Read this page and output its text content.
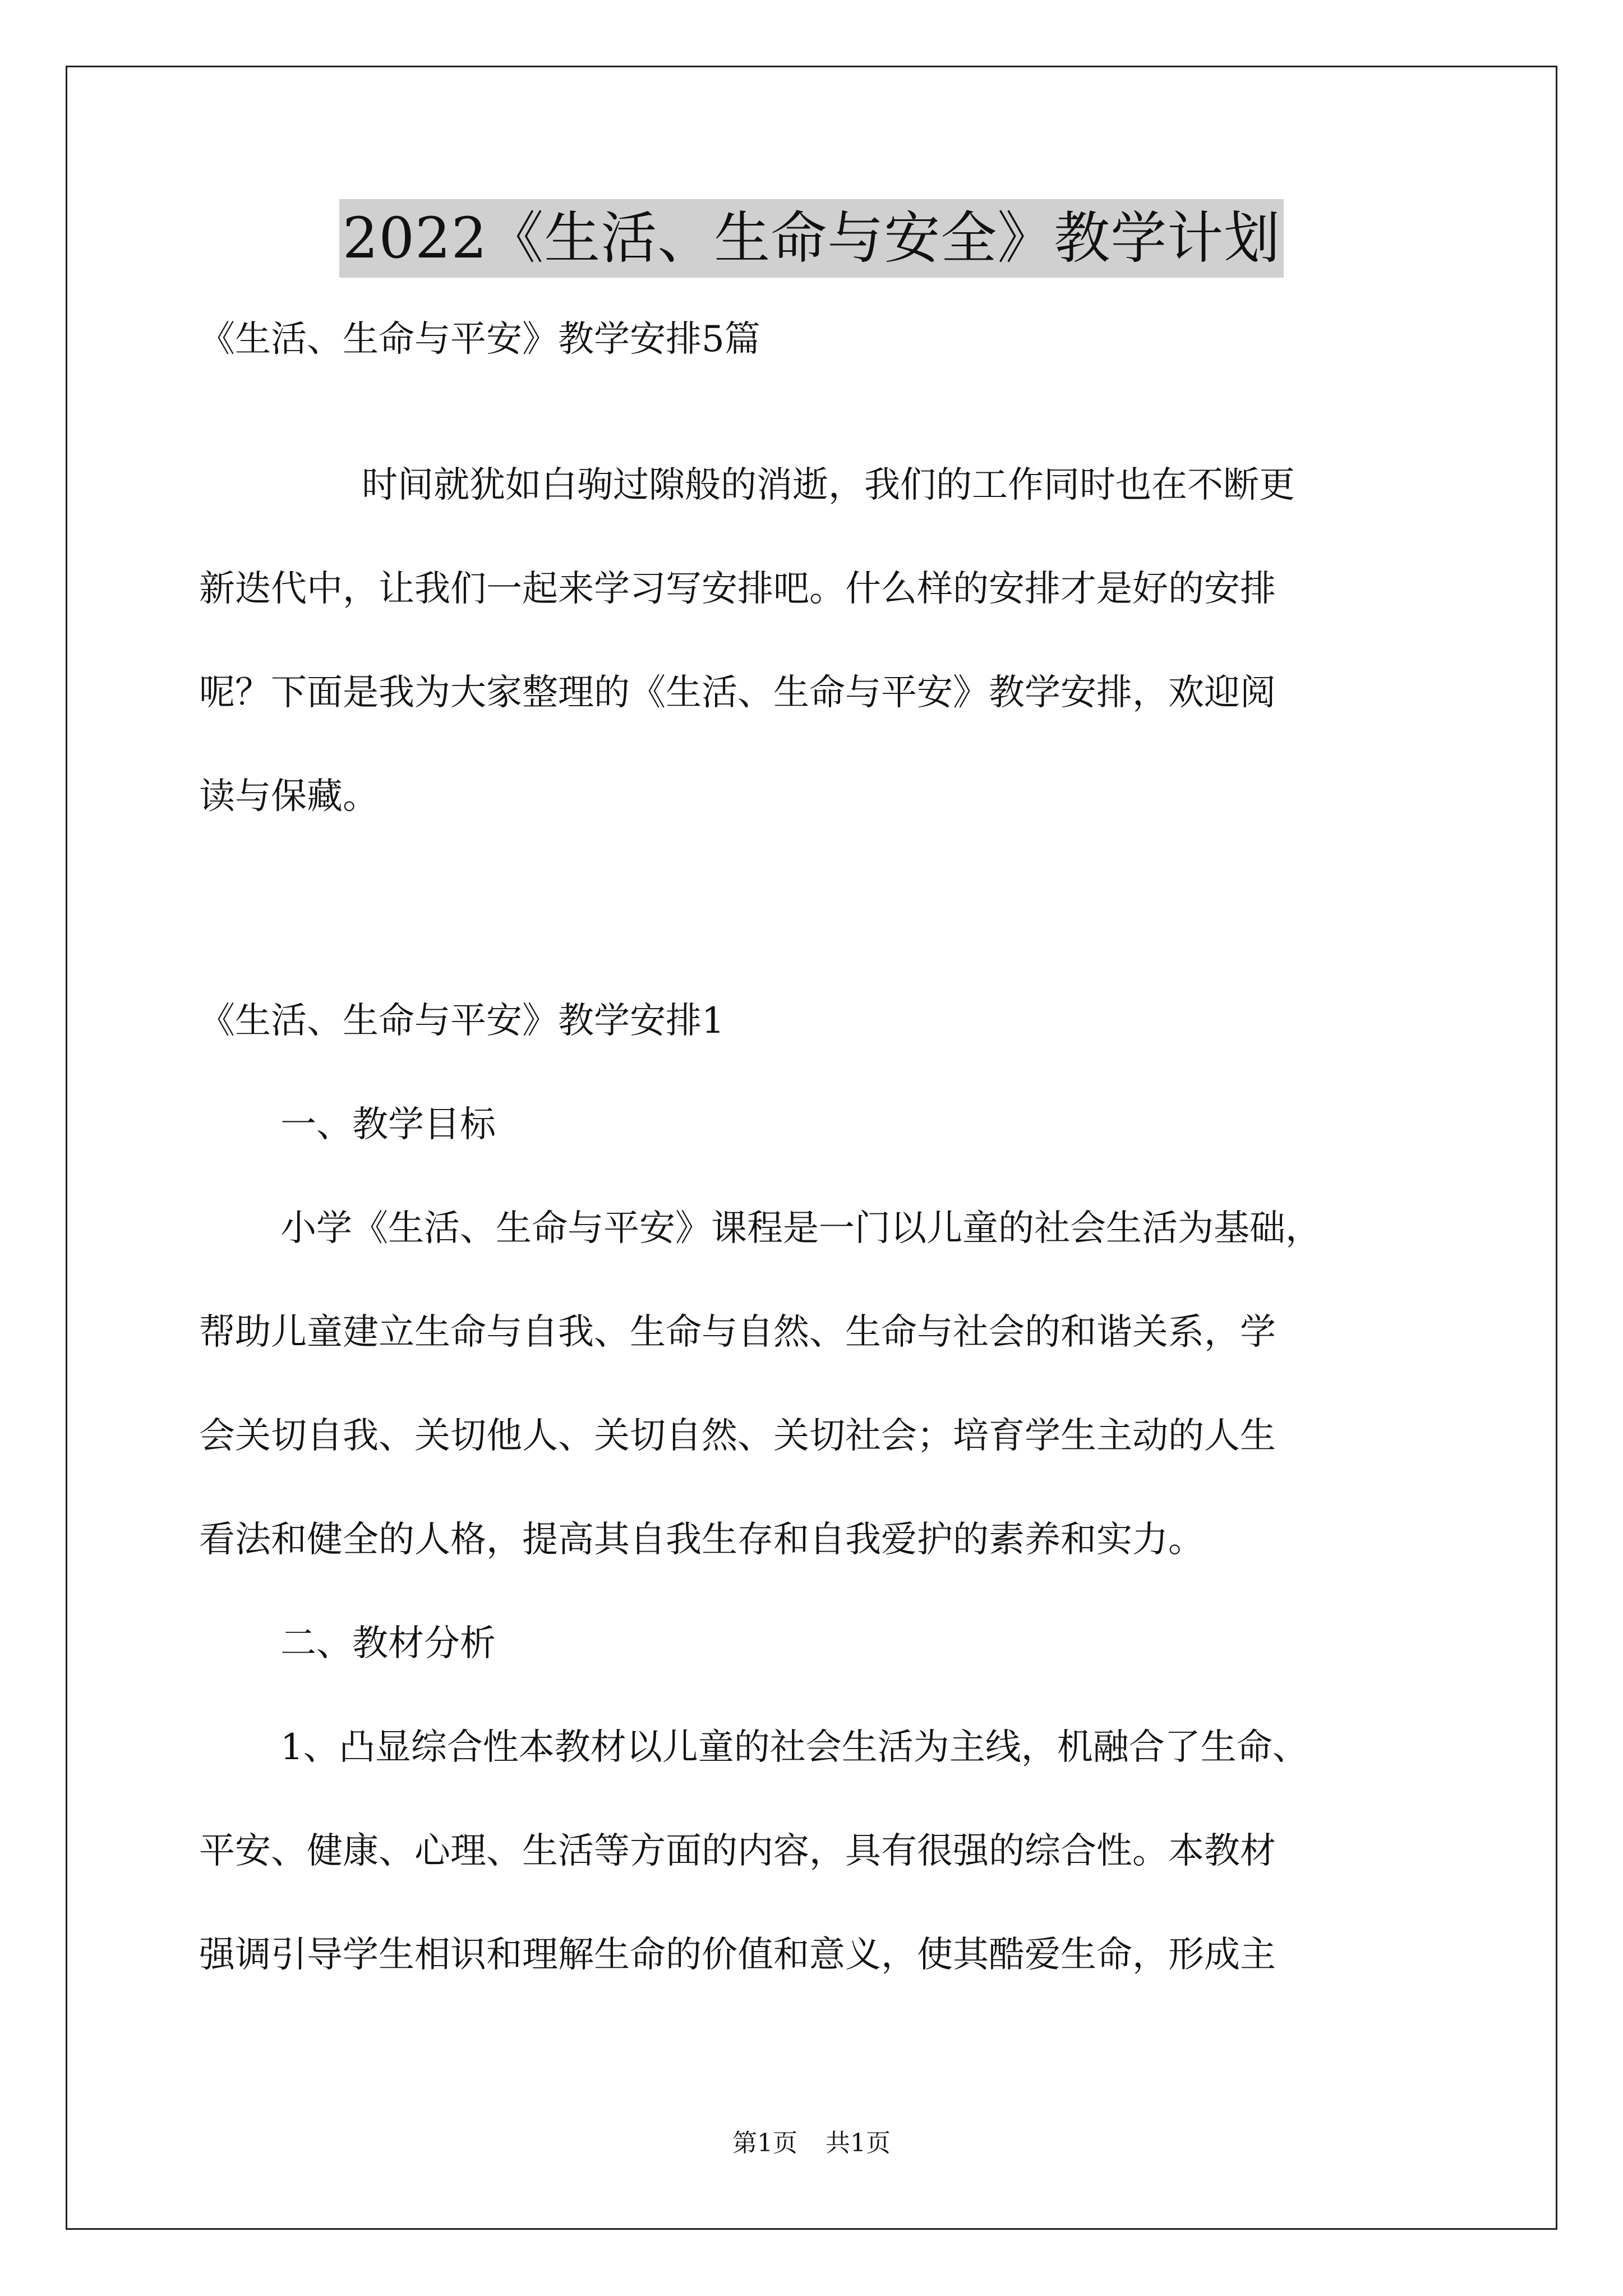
2022《生活、生命与安全》教学计划
《生活、生命与平安》教学安排5篇
时间就犹如白驹过隙般的消逝，我们的工作同时也在不断更
新迭代中，让我们一起来学习写安排吧。什么样的安排才是好的安排
呢？下面是我为大家整理的《生活、生命与平安》教学安排，欢迎阅
读与保藏。
《生活、生命与平安》教学安排1
一、教学目标
小学《生活、生命与平安》课程是一门以儿童的社会生活为基础，
帮助儿童建立生命与自我、生命与自然、生命与社会的和谐关系，学
会关切自我、关切他人、关切自然、关切社会；培育学生主动的人生
看法和健全的人格，提高其自我生存和自我爱护的素养和实力。
二、教材分析
1、凸显综合性本教材以儿童的社会生活为主线，机融合了生命、
平安、健康、心理、生活等方面的内容，具有很强的综合性。本教材
强调引导学生相识和理解生命的价值和意义，使其酷爱生命，形成主
第1页 共1页
